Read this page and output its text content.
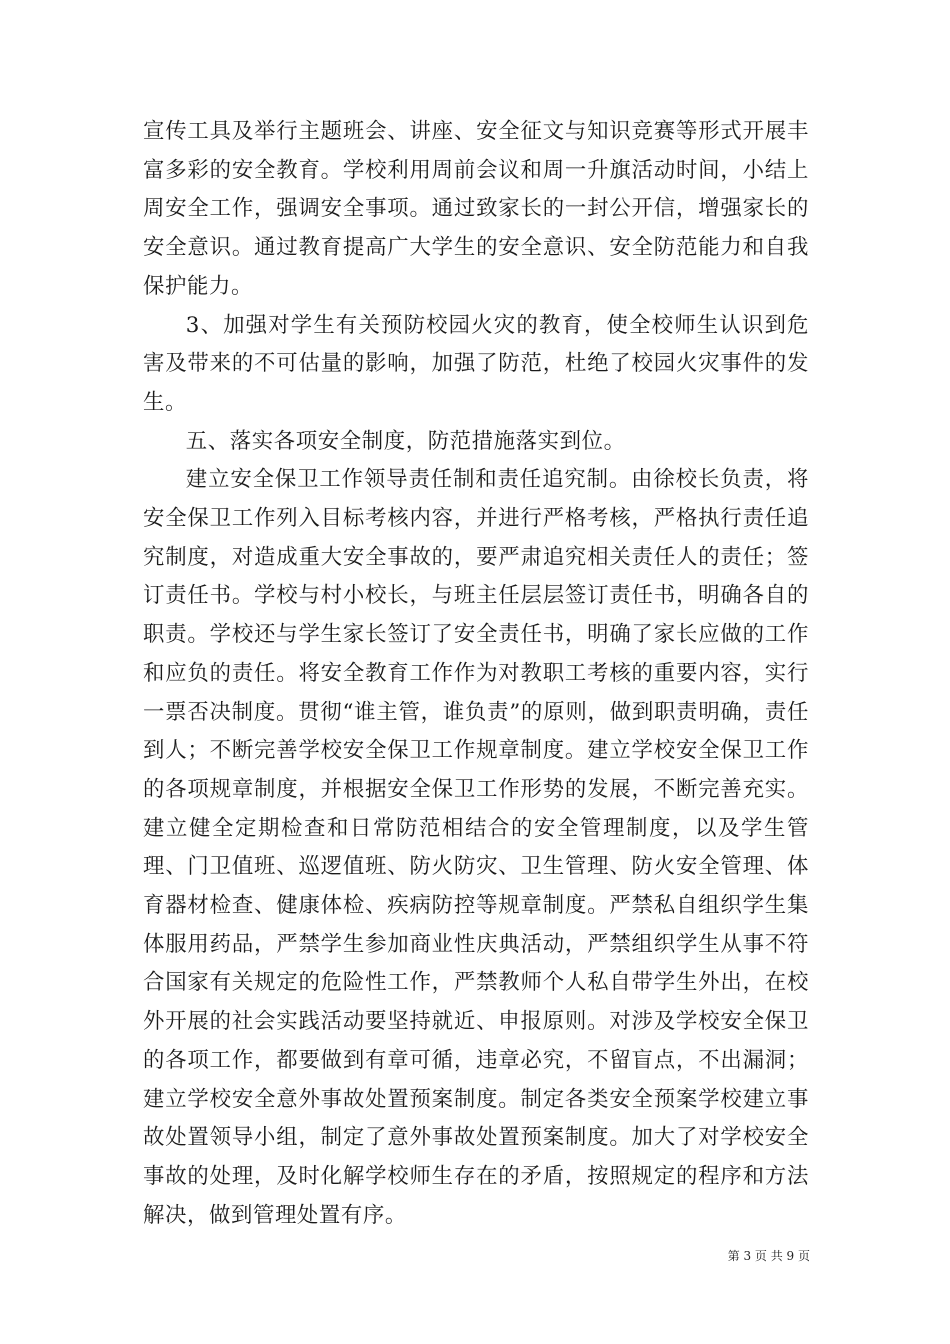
宣传工具及举行主题班会、讲座、安全征文与知识竞赛等形式开展丰富多彩的安全教育。学校利用周前会议和周一升旗活动时间，小结上周安全工作，强调安全事项。通过致家长的一封公开信，增强家长的安全意识。通过教育提高广大学生的安全意识、安全防范能力和自我保护能力。

3、加强对学生有关预防校园火灾的教育，使全校师生认识到危害及带来的不可估量的影响，加强了防范，杜绝了校园火灾事件的发生。

五、落实各项安全制度，防范措施落实到位。

建立安全保卫工作领导责任制和责任追究制。由徐校长负责，将安全保卫工作列入目标考核内容，并进行严格考核，严格执行责任追究制度，对造成重大安全事故的，要严肃追究相关责任人的责任；签订责任书。学校与村小校长，与班主任层层签订责任书，明确各自的职责。学校还与学生家长签订了安全责任书，明确了家长应做的工作和应负的责任。将安全教育工作作为对教职工考核的重要内容，实行一票否决制度。贯彻“谁主管，谁负责”的原则，做到职责明确，责任到人；不断完善学校安全保卫工作规章制度。建立学校安全保卫工作的各项规章制度，并根据安全保卫工作形势的发展，不断完善充实。建立健全定期检查和日常防范相结合的安全管理制度，以及学生管理、门卫值班、巡逻值班、防火防灾、卫生管理、防火安全管理、体育器材检查、健康体检、疾病防控等规章制度。严禁私自组织学生集体服用药品，严禁学生参加商业性庆典活动，严禁组织学生从事不符合国家有关规定的危险性工作，严禁教师个人私自带学生外出，在校外开展的社会实践活动要坚持就近、申报原则。对涉及学校安全保卫的各项工作，都要做到有章可循，违章必究，不留盲点，不出漏洞；建立学校安全意外事故处置预案制度。制定各类安全预案学校建立事故处置领导小组，制定了意外事故处置预案制度。加大了对学校安全事故的处理，及时化解学校师生存在的矛盾，按照规定的程序和方法解决，做到管理处置有序。

第 3 页 共 9 页
